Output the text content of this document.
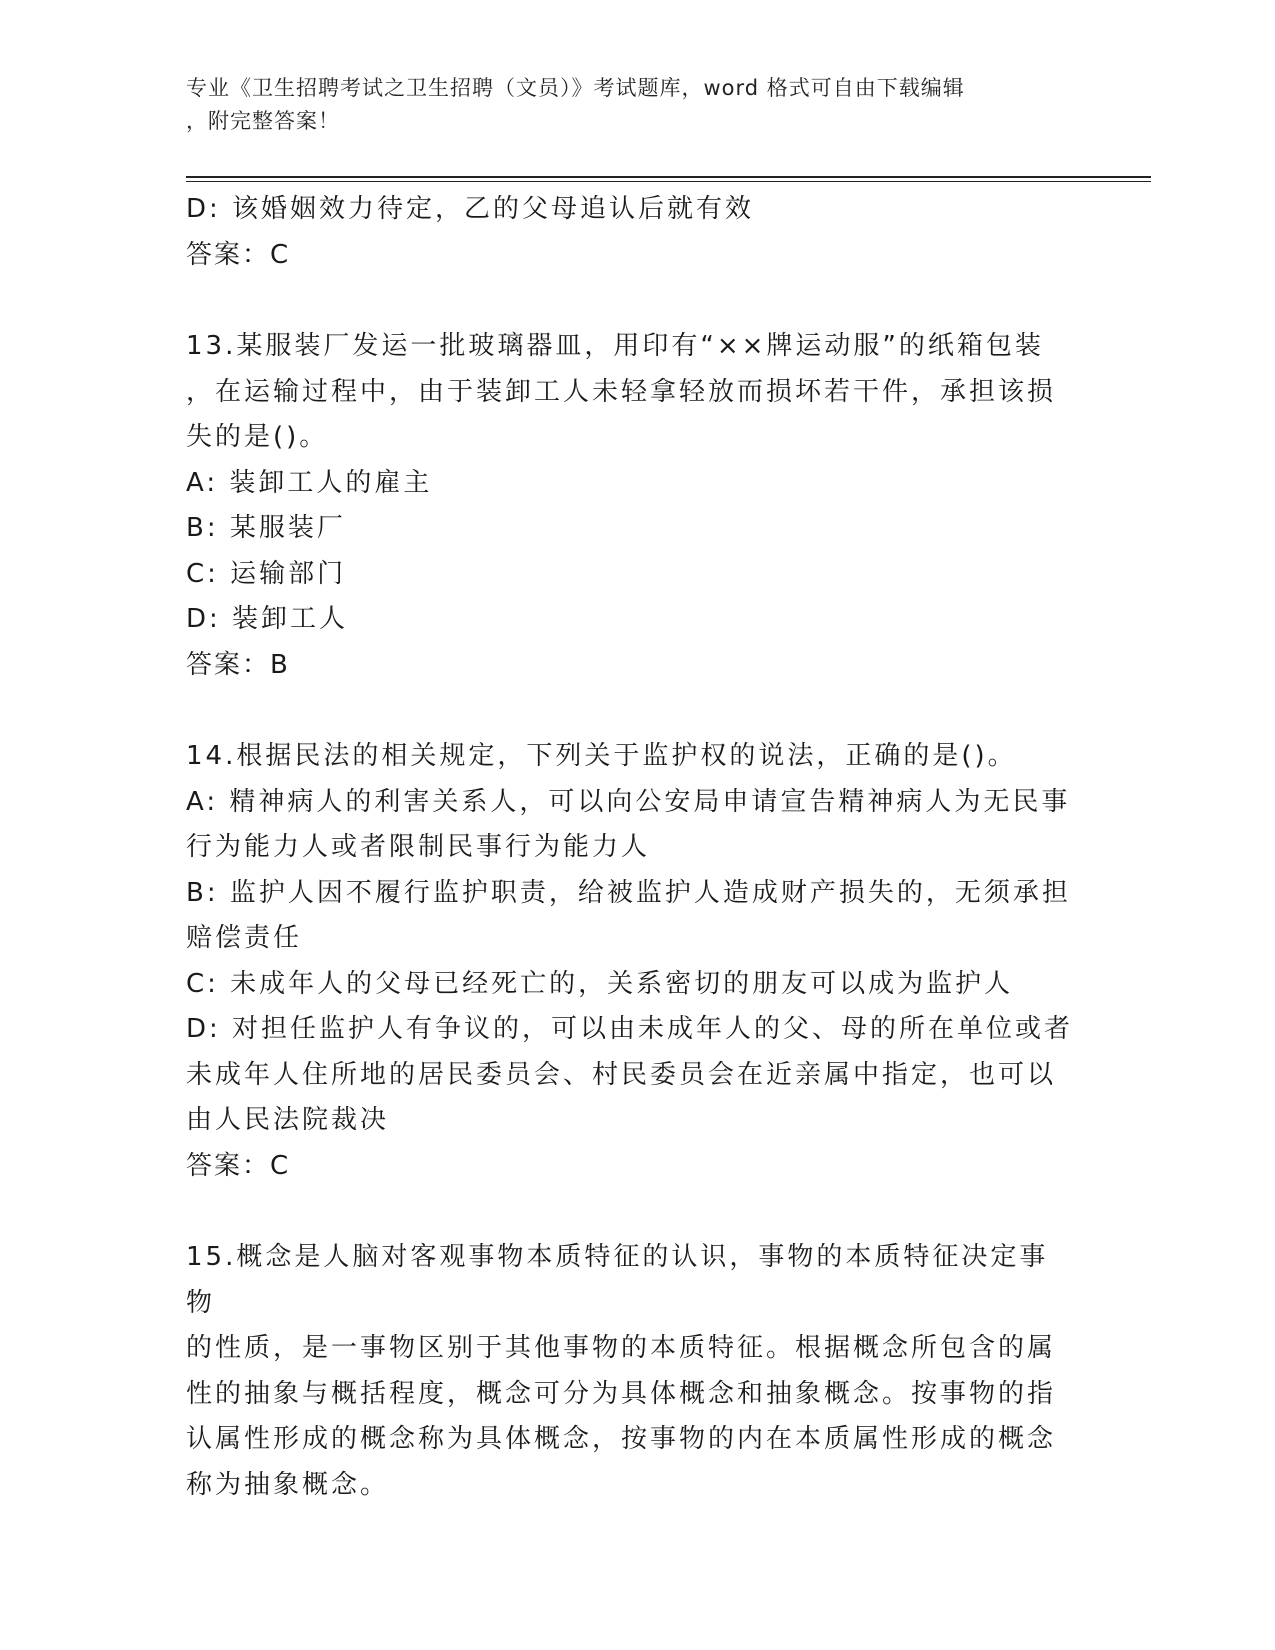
专业《卫生招聘考试之卫生招聘（文员）》考试题库，word 格式可自由下载编辑
，附完整答案！
D: 该婚姻效力待定，乙的父母追认后就有效
答案：C
13.某服装厂发运一批玻璃器皿，用印有“××牌运动服”的纸箱包装
，在运输过程中，由于装卸工人未轻拿轻放而损坏若干件，承担该损
失的是()。
A: 装卸工人的雇主
B: 某服装厂
C: 运输部门
D: 装卸工人
答案：B
14.根据民法的相关规定，下列关于监护权的说法，正确的是()。
A: 精神病人的利害关系人，可以向公安局申请宣告精神病人为无民事
行为能力人或者限制民事行为能力人
B: 监护人因不履行监护职责，给被监护人造成财产损失的，无须承担
赔偿责任
C: 未成年人的父母已经死亡的，关系密切的朋友可以成为监护人
D: 对担任监护人有争议的，可以由未成年人的父、母的所在单位或者
未成年人住所地的居民委员会、村民委员会在近亲属中指定，也可以
由人民法院裁决
答案：C
15.概念是人脑对客观事物本质特征的认识，事物的本质特征决定事物
的性质，是一事物区别于其他事物的本质特征。根据概念所包含的属
性的抽象与概括程度，概念可分为具体概念和抽象概念。按事物的指
认属性形成的概念称为具体概念，按事物的内在本质属性形成的概念
称为抽象概念。
